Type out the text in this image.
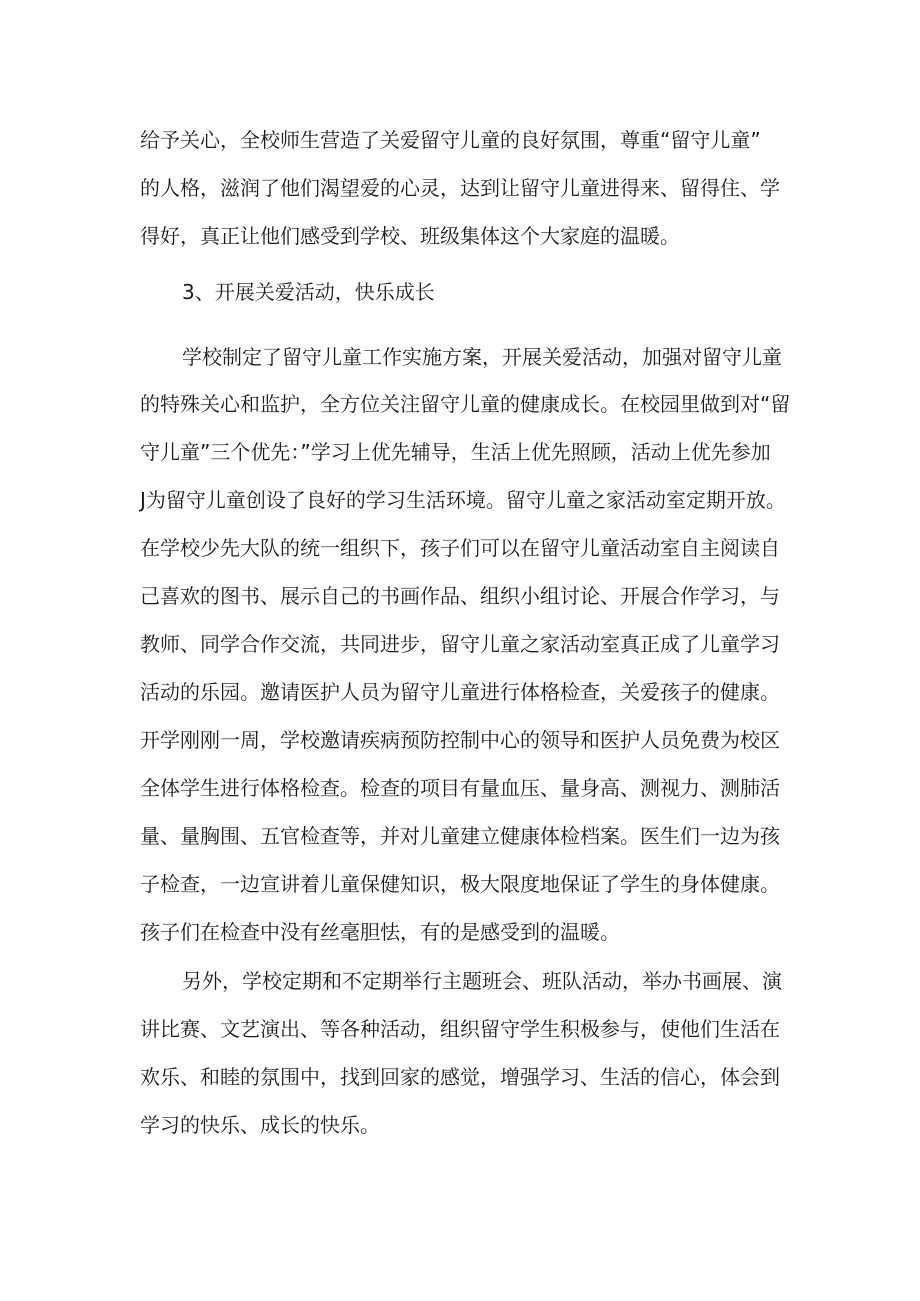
给予关心，全校师生营造了关爱留守儿童的良好氛围，尊重“留守儿童”
的人格，滋润了他们渴望爱的心灵，达到让留守儿童进得来、留得住、学
得好，真正让他们感受到学校、班级集体这个大家庭的温暖。
3、开展关爱活动，快乐成长
学校制定了留守儿童工作实施方案，开展关爱活动，加强对留守儿童
的特殊关心和监护，全方位关注留守儿童的健康成长。在校园里做到对“留
守儿童”三个优先：”学习上优先辅导，生活上优先照顾，活动上优先参加
J为留守儿童创设了良好的学习生活环境。留守儿童之家活动室定期开放。
在学校少先大队的统一组织下，孩子们可以在留守儿童活动室自主阅读自
己喜欢的图书、展示自己的书画作品、组织小组讨论、开展合作学习，与
教师、同学合作交流，共同进步，留守儿童之家活动室真正成了儿童学习
活动的乐园。邀请医护人员为留守儿童进行体格检查，关爱孩子的健康。
开学刚刚一周，学校邀请疾病预防控制中心的领导和医护人员免费为校区
全体学生进行体格检查。检查的项目有量血压、量身高、测视力、测肺活
量、量胸围、五官检查等，并对儿童建立健康体检档案。医生们一边为孩
子检查，一边宣讲着儿童保健知识，极大限度地保证了学生的身体健康。
孩子们在检查中没有丝毫胆怯，有的是感受到的温暖。
另外，学校定期和不定期举行主题班会、班队活动，举办书画展、演
讲比赛、文艺演出、等各种活动，组织留守学生积极参与，使他们生活在
欢乐、和睦的氛围中，找到回家的感觉，增强学习、生活的信心，体会到
学习的快乐、成长的快乐。
